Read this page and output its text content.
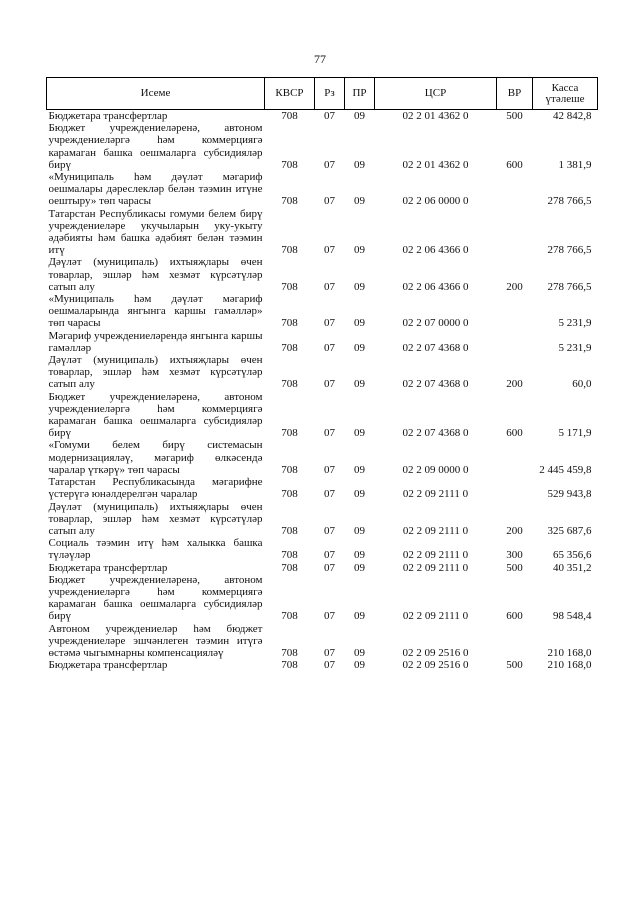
77
Исеме	КВСР	Рз	ПР	ЦСР	ВР	Касса
үтәлеше
Бюджетара трансфертлар	708	07	09	02 2 01 4362 0	500	42 842,8
Бюджет учреждениеләренә, автоном учреждениеләргә һәм коммерциягә карамаган башка оешмаларга субсидияләр бирү	708	07	09	02 2 01 4362 0	600	1 381,9
«Муниципаль һәм дәүләт мәгариф оешмалары дәреслекләр белән тәэмин итүне оештыру» төп чарасы	708	07	09	02 2 06 0000 0		278 766,5
Татарстан Республикасы гомуми белем бирү учреждениеләре укучыларын уку-укыту әдәбияты һәм башка әдәбият белән тәэмин итү	708	07	09	02 2 06 4366 0		278 766,5
Дәүләт (муниципаль) ихтыяҗлары өчен товарлар, эшләр һәм хезмәт күрсәтүләр сатып алу	708	07	09	02 2 06 4366 0	200	278 766,5
«Муниципаль һәм дәүләт мәгариф оешмаларында янгынга каршы гамәлләр» төп чарасы	708	07	09	02 2 07 0000 0		5 231,9
Мәгариф учреждениеләрендә янгынга каршы гамәлләр	708	07	09	02 2 07 4368 0		5 231,9
Дәүләт (муниципаль) ихтыяҗлары өчен товарлар, эшләр һәм хезмәт күрсәтүләр сатып алу	708	07	09	02 2 07 4368 0	200	60,0
Бюджет учреждениеләренә, автоном учреждениеләргә һәм коммерциягә карамаган башка оешмаларга субсидияләр бирү	708	07	09	02 2 07 4368 0	600	5 171,9
«Гомуми белем бирү системасын модернизацияләү, мәгариф өлкәсендә чаралар үткәрү» төп чарасы	708	07	09	02 2 09 0000 0		2 445 459,8
Татарстан Республикасында мәгарифне үстерүгә юнәлдерелгән чаралар	708	07	09	02 2 09 2111 0		529 943,8
Дәүләт (муниципаль) ихтыяҗлары өчен товарлар, эшләр һәм хезмәт күрсәтүләр сатып алу	708	07	09	02 2 09 2111 0	200	325 687,6
Социаль тәэмин итү һәм халыкка башка түләүләр	708	07	09	02 2 09 2111 0	300	65 356,6
Бюджетара трансфертлар	708	07	09	02 2 09 2111 0	500	40 351,2
Бюджет учреждениеләренә, автоном учреждениеләргә һәм коммерциягә карамаган башка оешмаларга субсидияләр бирү	708	07	09	02 2 09 2111 0	600	98 548,4
Автоном учреждениеләр һәм бюджет учреждениеләре эшчәнлеген тәэмин итүгә өстәмә чыгымнарны компенсацияләү	708	07	09	02 2 09 2516 0		210 168,0
Бюджетара трансфертлар	708	07	09	02 2 09 2516 0	500	210 168,0
